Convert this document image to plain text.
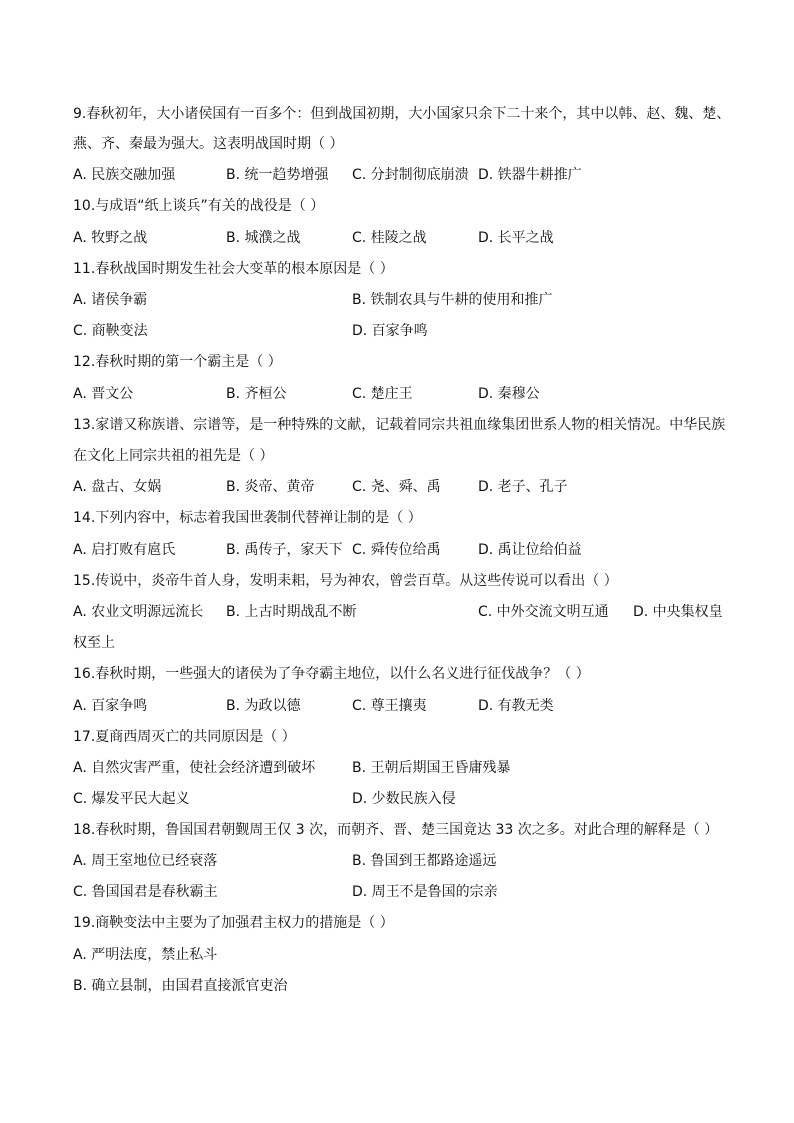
9.春秋初年，大小诸侯国有一百多个：但到战国初期，大小国家只余下二十来个，其中以韩、赵、魏、楚、
燕、齐、秦最为强大。这表明战国时期（ ）
A. 民族交融加强	B. 统一趋势增强 C. 分封制彻底崩溃 D. 铁器牛耕推广
10.与成语“纸上谈兵”有关的战役是（ ）
A. 牧野之战	B. 城濮之战	C. 桂陵之战	D. 长平之战
11.春秋战国时期发生社会大变革的根本原因是（ ）
A. 诸侯争霸	B. 铁制农具与牛耕的使用和推广
C. 商鞅变法	D. 百家争鸣
12.春秋时期的第一个霸主是（ ）
A. 晋文公	B. 齐桓公	C. 楚庄王	D. 秦穆公
13.家谱又称族谱、宗谱等，是一种特殊的文献，记载着同宗共祖血缘集团世系人物的相关情况。中华民族
在文化上同宗共祖的祖先是（ ）
A. 盘古、女娲	B. 炎帝、黄帝	C. 尧、舜、禹	D. 老子、孔子
14.下列内容中，标志着我国世袭制代替禅让制的是（ ）
A. 启打败有扈氏	B. 禹传子，家天下 C. 舜传位给禹	D. 禹让位给伯益
15.传说中，炎帝牛首人身，发明耒耜，号为神农，曾尝百草。从这些传说可以看出（ ）
A. 农业文明源远流长 B. 上古时期战乱不断	C. 中外交流文明互通 D. 中央集权皇
权至上
16.春秋时期，一些强大的诸侯为了争夺霸主地位，以什么名义进行征伐战争？（ ）
A. 百家争鸣	B. 为政以德	C. 尊王攘夷	D. 有教无类
17.夏商西周灭亡的共同原因是（ ）
A. 自然灾害严重，使社会经济遭到破坏	B. 王朝后期国王昏庸残暴
C. 爆发平民大起义	D. 少数民族入侵
18.春秋时期，鲁国国君朝觐周王仅 3 次，而朝齐、晋、楚三国竟达 33 次之多。对此合理的解释是（ ）
A. 周王室地位已经衰落	B. 鲁国到王都路途遥远
C. 鲁国国君是春秋霸主	D. 周王不是鲁国的宗亲
19.商鞅变法中主要为了加强君主权力的措施是（ ）
A. 严明法度，禁止私斗
B. 确立县制，由国君直接派官吏治
